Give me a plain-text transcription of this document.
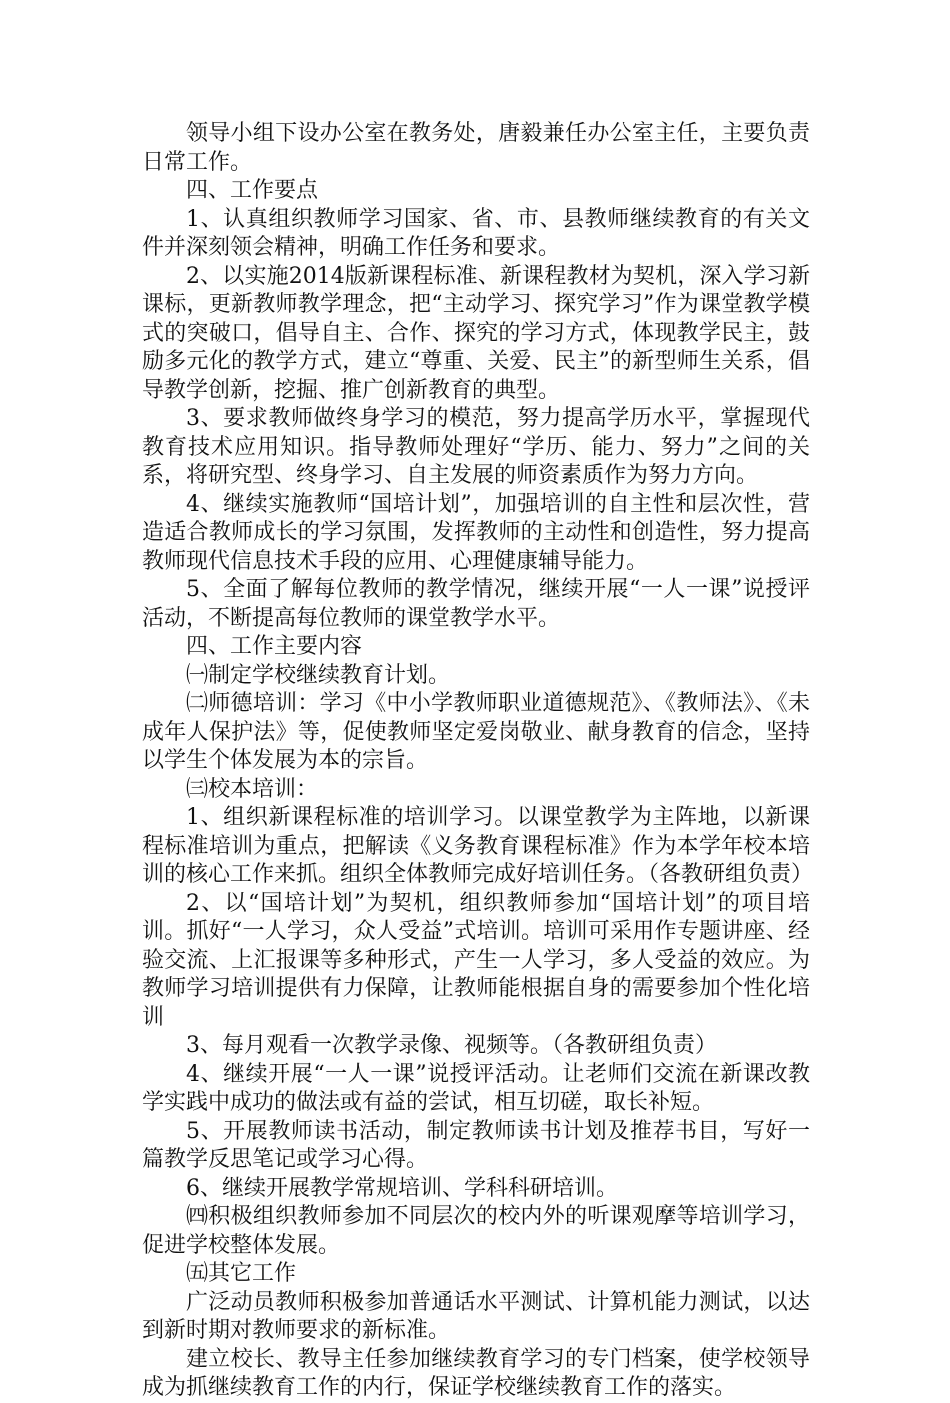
领导小组下设办公室在教务处，唐毅兼任办公室主任，主要负责日常工作。

四、工作要点

1、认真组织教师学习国家、省、市、县教师继续教育的有关文件并深刻领会精神，明确工作任务和要求。

2、以实施2014版新课程标准、新课程教材为契机，深入学习新课标，更新教师教学理念，把“主动学习、探究学习”作为课堂教学模式的突破口，倡导自主、合作、探究的学习方式，体现教学民主，鼓励多元化的教学方式，建立“尊重、关爱、民主”的新型师生关系，倡导教学创新，挖掘、推广创新教育的典型。

3、要求教师做终身学习的模范，努力提高学历水平，掌握现代教育技术应用知识。指导教师处理好“学历、能力、努力”之间的关系，将研究型、终身学习、自主发展的师资素质作为努力方向。

4、继续实施教师“国培计划”，加强培训的自主性和层次性，营造适合教师成长的学习氛围，发挥教师的主动性和创造性，努力提高教师现代信息技术手段的应用、心理健康辅导能力。

5、全面了解每位教师的教学情况，继续开展“一人一课”说授评活动，不断提高每位教师的课堂教学水平。

四、工作主要内容

㈠制定学校继续教育计划。

㈡师德培训：学习《中小学教师职业道德规范》、《教师法》、《未成年人保护法》等，促使教师坚定爱岗敬业、献身教育的信念，坚持以学生个体发展为本的宗旨。

㈢校本培训：

1、组织新课程标准的培训学习。以课堂教学为主阵地，以新课程标准培训为重点，把解读《义务教育课程标准》作为本学年校本培训的核心工作来抓。组织全体教师完成好培训任务。（各教研组负责）

2、以“国培计划”为契机，组织教师参加“国培计划”的项目培训。抓好“一人学习，众人受益”式培训。培训可采用作专题讲座、经验交流、上汇报课等多种形式，产生一人学习，多人受益的效应。为教师学习培训提供有力保障，让教师能根据自身的需要参加个性化培训

3、每月观看一次教学录像、视频等。（各教研组负责）

4、继续开展“一人一课”说授评活动。让老师们交流在新课改教学实践中成功的做法或有益的尝试，相互切磋，取长补短。

5、开展教师读书活动，制定教师读书计划及推荐书目，写好一篇教学反思笔记或学习心得。

6、继续开展教学常规培训、学科科研培训。

㈣积极组织教师参加不同层次的校内外的听课观摩等培训学习，促进学校整体发展。

㈤其它工作

广泛动员教师积极参加普通话水平测试、计算机能力测试，以达到新时期对教师要求的新标准。

建立校长、教导主任参加继续教育学习的专门档案，使学校领导成为抓继续教育工作的内行，保证学校继续教育工作的落实。
